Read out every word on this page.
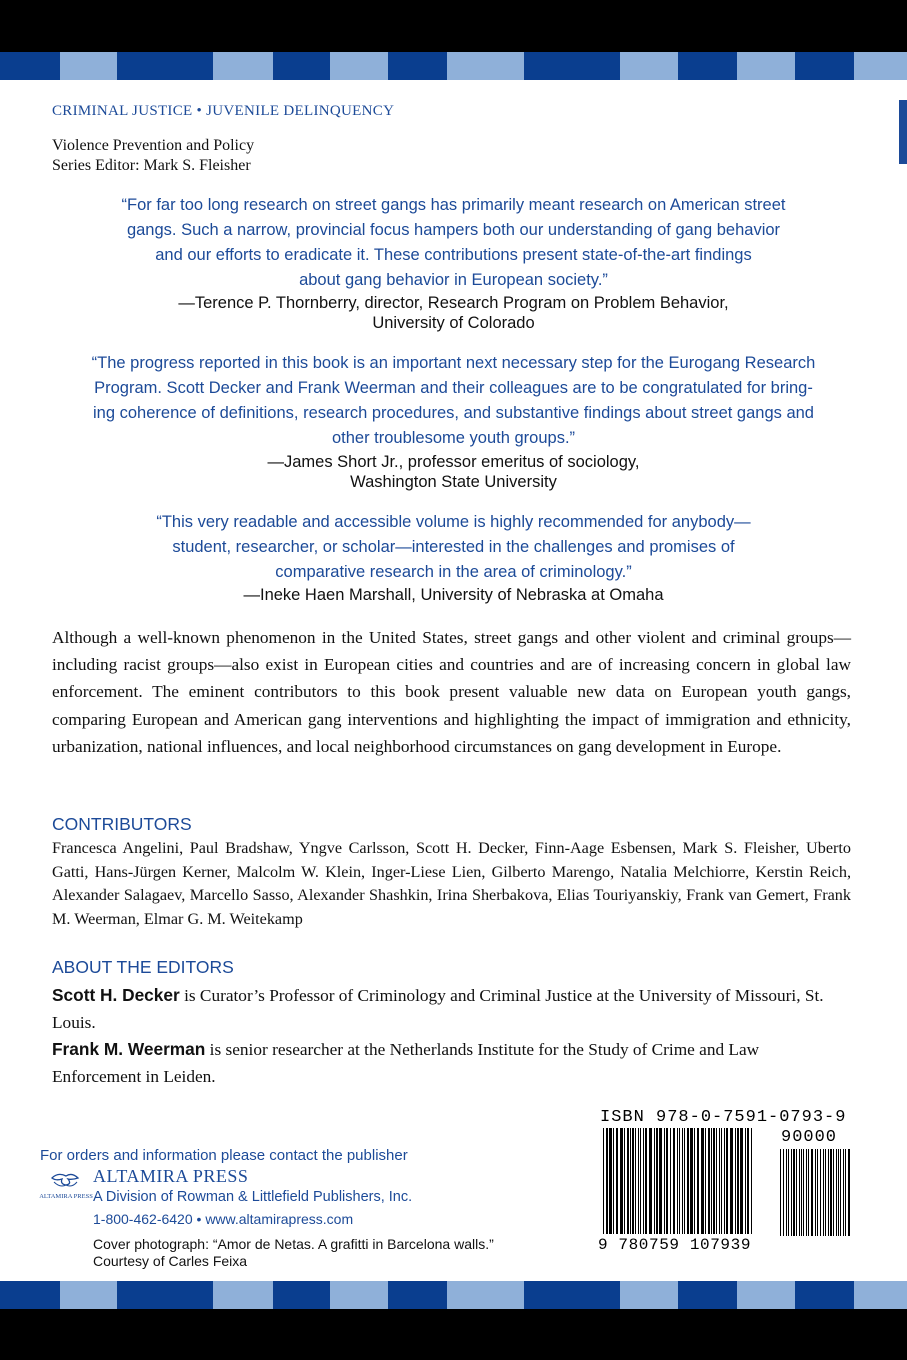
CRIMINAL JUSTICE • JUVENILE DELINQUENCY
Violence Prevention and Policy
Series Editor: Mark S. Fleisher
“For far too long research on street gangs has primarily meant research on American street
gangs. Such a narrow, provincial focus hampers both our understanding of gang behavior
and our efforts to eradicate it. These contributions present state-of-the-art findings
about gang behavior in European society.”
—Terence P. Thornberry, director, Research Program on Problem Behavior,
University of Colorado
“The progress reported in this book is an important next necessary step for the Eurogang Research
Program. Scott Decker and Frank Weerman and their colleagues are to be congratulated for bring-
ing coherence of definitions, research procedures, and substantive findings about street gangs and
other troublesome youth groups.”
—James Short Jr., professor emeritus of sociology,
Washington State University
“This very readable and accessible volume is highly recommended for anybody—
student, researcher, or scholar—interested in the challenges and promises of
comparative research in the area of criminology.”
—Ineke Haen Marshall, University of Nebraska at Omaha
Although a well-known phenomenon in the United States, street gangs and other violent and criminal groups—including racist groups—also exist in European cities and countries and are of increasing concern in global law enforcement. The eminent contributors to this book present valuable new data on European youth gangs, comparing European and American gang interventions and highlighting the impact of immigration and ethnicity, urbanization, national influences, and local neighborhood circumstances on gang development in Europe.
CONTRIBUTORS
Francesca Angelini, Paul Bradshaw, Yngve Carlsson, Scott H. Decker, Finn-Aage Esbensen, Mark S. Fleisher, Uberto Gatti, Hans-Jürgen Kerner, Malcolm W. Klein, Inger-Liese Lien, Gilberto Marengo, Natalia Melchiorre, Kerstin Reich, Alexander Salagaev, Marcello Sasso, Alexander Shashkin, Irina Sherbakova, Elias Touriyanskiy, Frank van Gemert, Frank M. Weerman, Elmar G. M. Weitekamp
ABOUT THE EDITORS
Scott H. Decker is Curator’s Professor of Criminology and Criminal Justice at the University of Missouri, St. Louis.
Frank M. Weerman is senior researcher at the Netherlands Institute for the Study of Crime and Law Enforcement in Leiden.
For orders and information please contact the publisher
ALTAMIRA PRESS
ALTAMIRA PRESS
A Division of Rowman & Littlefield Publishers, Inc.
1-800-462-6420 • www.altamirapress.com
Cover photograph: “Amor de Netas. A grafitti in Barcelona walls.”
Courtesy of Carles Feixa
ISBN 978-0-7591-0793-9
90000
9 780759 107939
